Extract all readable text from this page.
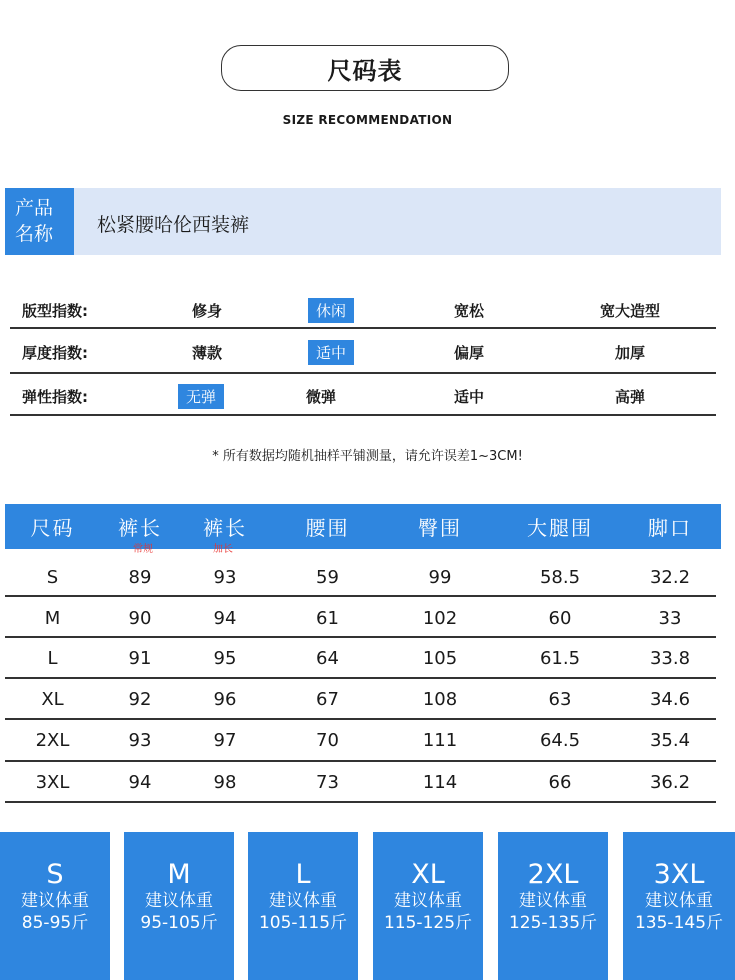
尺码表
SIZE RECOMMENDATION
产品
名称	松紧腰哈伦西装裤
版型指数:	修身	休闲	宽松	宽大造型
厚度指数:	薄款	适中	偏厚	加厚
弹性指数:	无弹	微弹	适中	高弹
* 所有数据均随机抽样平铺测量，请允许误差1~3CM!
尺码	裤长	裤长	腰围	臀围	大腿围	脚口
常规	加长
S	89	93	59	99	58.5	32.2
M	90	94	61	102	60	33
L	91	95	64	105	61.5	33.8
XL	92	96	67	108	63	34.6
2XL	93	97	70	111	64.5	35.4
3XL	94	98	73	114	66	36.2
S
建议体重
85-95斤
M
建议体重
95-105斤
L
建议体重
105-115斤
XL
建议体重
115-125斤
2XL
建议体重
125-135斤
3XL
建议体重
135-145斤
